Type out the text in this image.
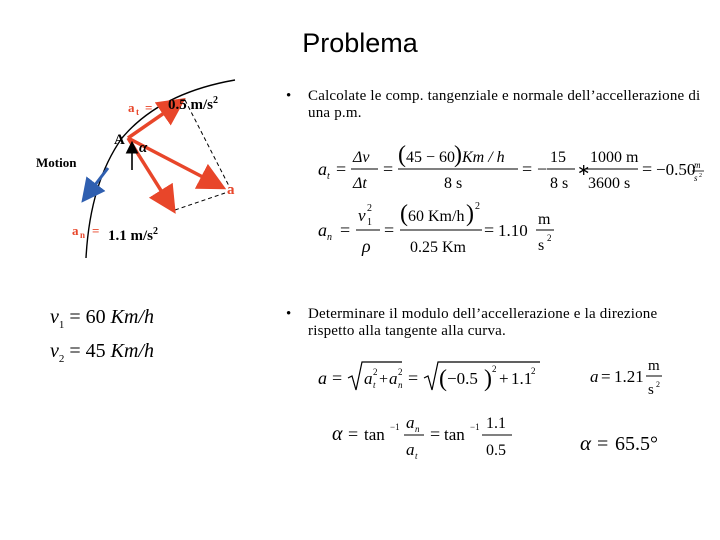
Problema
Motion
A α
a
a t =
a n =
0.5 $m/s^2$
1.1 $m/s^2$
$v_1 = 60$ Km/h
$v_2 = 45$ Km/h
• Calcolate le comp. tangenziale e normale dell’accellerazione di una p.m.
a t =
Δv
Δt
=
( 45 − 60
) Km / h
8 s
= −
15
8 s
∗
1000 m
3600 s
= −0.50
m
s 2
a n =
v 2
1
ρ
=
( 60 Km/h ) 2
0.25 Km
= 1.10
m
s 2
• Determinare il modulo dell’accellerazione e la direzione rispetto alla tangente alla curva.
a = a 2
t + a 2
n = ( −0.5 ) 2 + 1.1
2	a = 1.21
m
s 2
α = tan −1 a n
a t
= tan −1 1.1
0.5	α = 65.5°
